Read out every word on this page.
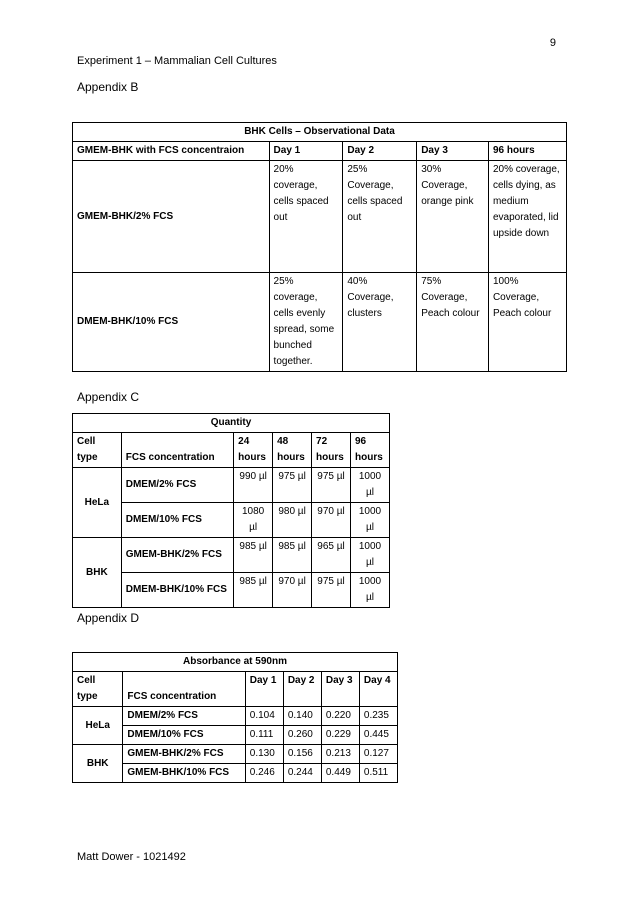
9
Experiment 1 – Mammalian Cell Cultures
Appendix B
BHK Cells – Observational Data				
GMEM-BHK with FCS concentraion	Day 1	Day 2	Day 3	96 hours
GMEM-BHK/2% FCS	20% coverage, cells spaced out	25% Coverage, cells spaced out	30% Coverage, orange pink	20% coverage, cells dying, as medium evaporated, lid upside down
DMEM-BHK/10% FCS	25% coverage, cells evenly spread, some bunched together.	40% Coverage, clusters	75% Coverage, Peach colour	100% Coverage, Peach colour
Appendix C
Quantity					
Cell type	FCS concentration	24 hours	48 hours	72 hours	96 hours
HeLa	DMEM/2% FCS	990 µl	975 µl	975 µl	1000 µl
	DMEM/10% FCS	1080 µl	980 µl	970 µl	1000 µl
BHK	GMEM-BHK/2% FCS	985 µl	985 µl	965 µl	1000 µl
	DMEM-BHK/10% FCS	985 µl	970 µl	975 µl	1000 µl
Appendix D
Absorbance at 590nm					
Cell type	FCS concentration	Day 1	Day 2	Day 3	Day 4
HeLa	DMEM/2% FCS	0.104	0.140	0.220	0.235
	DMEM/10% FCS	0.111	0.260	0.229	0.445
BHK	GMEM-BHK/2% FCS	0.130	0.156	0.213	0.127
	GMEM-BHK/10% FCS	0.246	0.244	0.449	0.511
Matt Dower - 1021492
